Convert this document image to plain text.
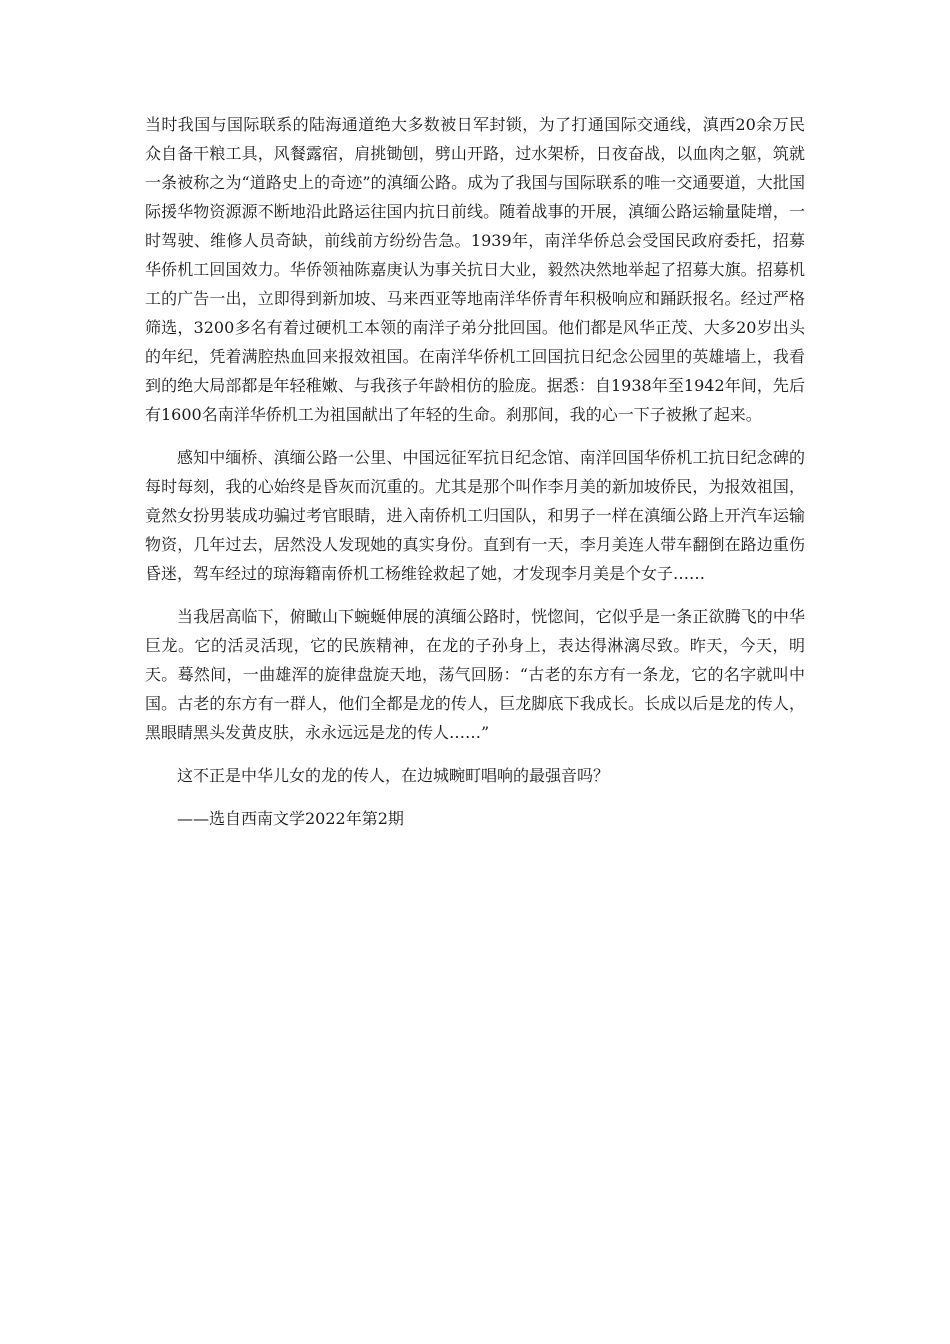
当时我国与国际联系的陆海通道绝大多数被日军封锁，为了打通国际交通线，滇西20余万民众自备干粮工具，风餐露宿，肩挑锄刨，劈山开路，过水架桥，日夜奋战，以血肉之躯，筑就一条被称之为“道路史上的奇迹”的滇缅公路。成为了我国与国际联系的唯一交通要道，大批国际援华物资源源不断地沿此路运往国内抗日前线。随着战事的开展，滇缅公路运输量陡增，一时驾驶、维修人员奇缺，前线前方纷纷告急。1939年，南洋华侨总会受国民政府委托，招募华侨机工回国效力。华侨领袖陈嘉庚认为事关抗日大业，毅然决然地举起了招募大旗。招募机工的广告一出，立即得到新加坡、马来西亚等地南洋华侨青年积极响应和踊跃报名。经过严格筛选，3200多名有着过硬机工本领的南洋子弟分批回国。他们都是风华正茂、大多20岁出头的年纪，凭着满腔热血回来报效祖国。在南洋华侨机工回国抗日纪念公园里的英雄墙上，我看到的绝大局部都是年轻稚嫩、与我孩子年龄相仿的脸庞。据悉：自1938年至1942年间，先后有1600名南洋华侨机工为祖国献出了年轻的生命。刹那间，我的心一下子被揪了起来。

感知中缅桥、滇缅公路一公里、中国远征军抗日纪念馆、南洋回国华侨机工抗日纪念碑的每时每刻，我的心始终是昏灰而沉重的。尤其是那个叫作李月美的新加坡侨民，为报效祖国，竟然女扮男装成功骗过考官眼睛，进入南侨机工归国队，和男子一样在滇缅公路上开汽车运输物资，几年过去，居然没人发现她的真实身份。直到有一天，李月美连人带车翻倒在路边重伤昏迷，驾车经过的琼海籍南侨机工杨维铨救起了她，才发现李月美是个女子……

当我居高临下，俯瞰山下蜿蜒伸展的滇缅公路时，恍惚间，它似乎是一条正欲腾飞的中华巨龙。它的活灵活现，它的民族精神，在龙的子孙身上，表达得淋漓尽致。昨天，今天，明天。蓦然间，一曲雄浑的旋律盘旋天地，荡气回肠：“古老的东方有一条龙，它的名字就叫中国。古老的东方有一群人，他们全都是龙的传人，巨龙脚底下我成长。长成以后是龙的传人，黑眼睛黑头发黄皮肤，永永远远是龙的传人……”

这不正是中华儿女的龙的传人，在边城畹町唱响的最强音吗？

——选自西南文学2022年第2期
